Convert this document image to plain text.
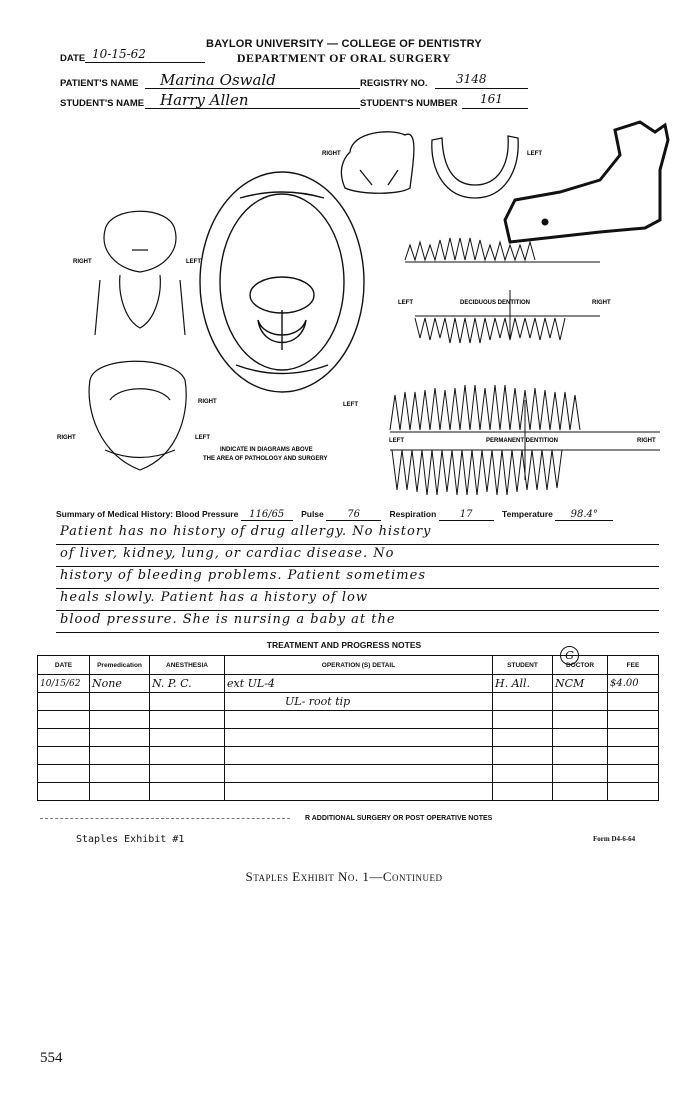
BAYLOR UNIVERSITY — COLLEGE OF DENTISTRY
DEPARTMENT OF ORAL SURGERY
DATE 10-15-62
PATIENT'S NAME Marina Oswald	REGISTRY NO. 3148
STUDENT'S NAME Harry Allen	STUDENT'S NUMBER 161
RIGHT	LEFT
RIGHT	LEFT
LEFT	DECIDUOUS DENTITION	RIGHT
RIGHT	LEFT
RIGHT	LEFT	LEFT	PERMANENT DENTITION	RIGHT
INDICATE IN DIAGRAMS ABOVE
THE AREA OF PATHOLOGY AND SURGERY
Summary of Medical History: Blood Pressure 116/65 Pulse 76	Respiration 17	Temperature 98.4°
Patient has no history of drug allergy. No history
of liver, kidney, lung, or cardiac disease. No
history of bleeding problems. Patient sometimes
heals slowly. Patient has a history of low
blood pressure. She is nursing a baby at the
TREATMENT AND PROGRESS NOTES
DATE	Premedication	ANESTHESIA	OPERATION (S) DETAIL	STUDENT	DOCTOR	FEE
10/15/62	None	N. P. C.	ext UL-4	H. All.	NCM	$4.00
			UL- root tip			

G
R ADDITIONAL SURGERY OR POST OPERATIVE NOTES
Staples Exhibit #1	Form D4-6-64
Staples Exhibit No. 1—Continued
554
